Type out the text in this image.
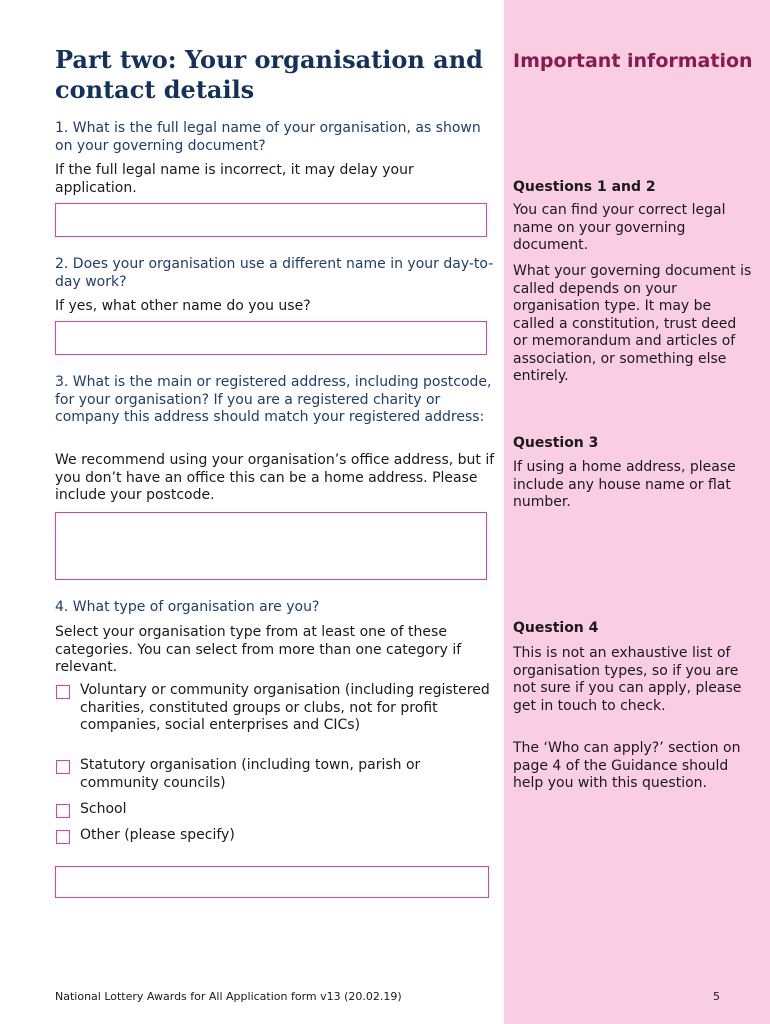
Part two: Your organisation and contact details
1. What is the full legal name of your organisation, as shown on your governing document?
If the full legal name is incorrect, it may delay your application.
2. Does your organisation use a different name in your day-to-day work?
If yes, what other name do you use?
3. What is the main or registered address, including postcode, for your organisation? If you are a registered charity or company this address should match your registered address:
We recommend using your organisation’s office address, but if you don’t have an office this can be a home address. Please include your postcode.
4. What type of organisation are you?
Select your organisation type from at least one of these categories. You can select from more than one category if relevant.
Voluntary or community organisation (including registered charities, constituted groups or clubs, not for profit companies, social enterprises and CICs)
Statutory organisation (including town, parish or community councils)
School
Other (please specify)
Important information
Questions 1 and 2
You can find your correct legal name on your governing document.
What your governing document is called depends on your organisation type. It may be called a constitution, trust deed or memorandum and articles of association, or something else entirely.
Question 3
If using a home address, please include any house name or flat number.
Question 4
This is not an exhaustive list of organisation types, so if you are not sure if you can apply, please get in touch to check.
The ‘Who can apply?’ section on page 4 of the Guidance should help you with this question.
National Lottery Awards for All Application form v13 (20.02.19)	5
